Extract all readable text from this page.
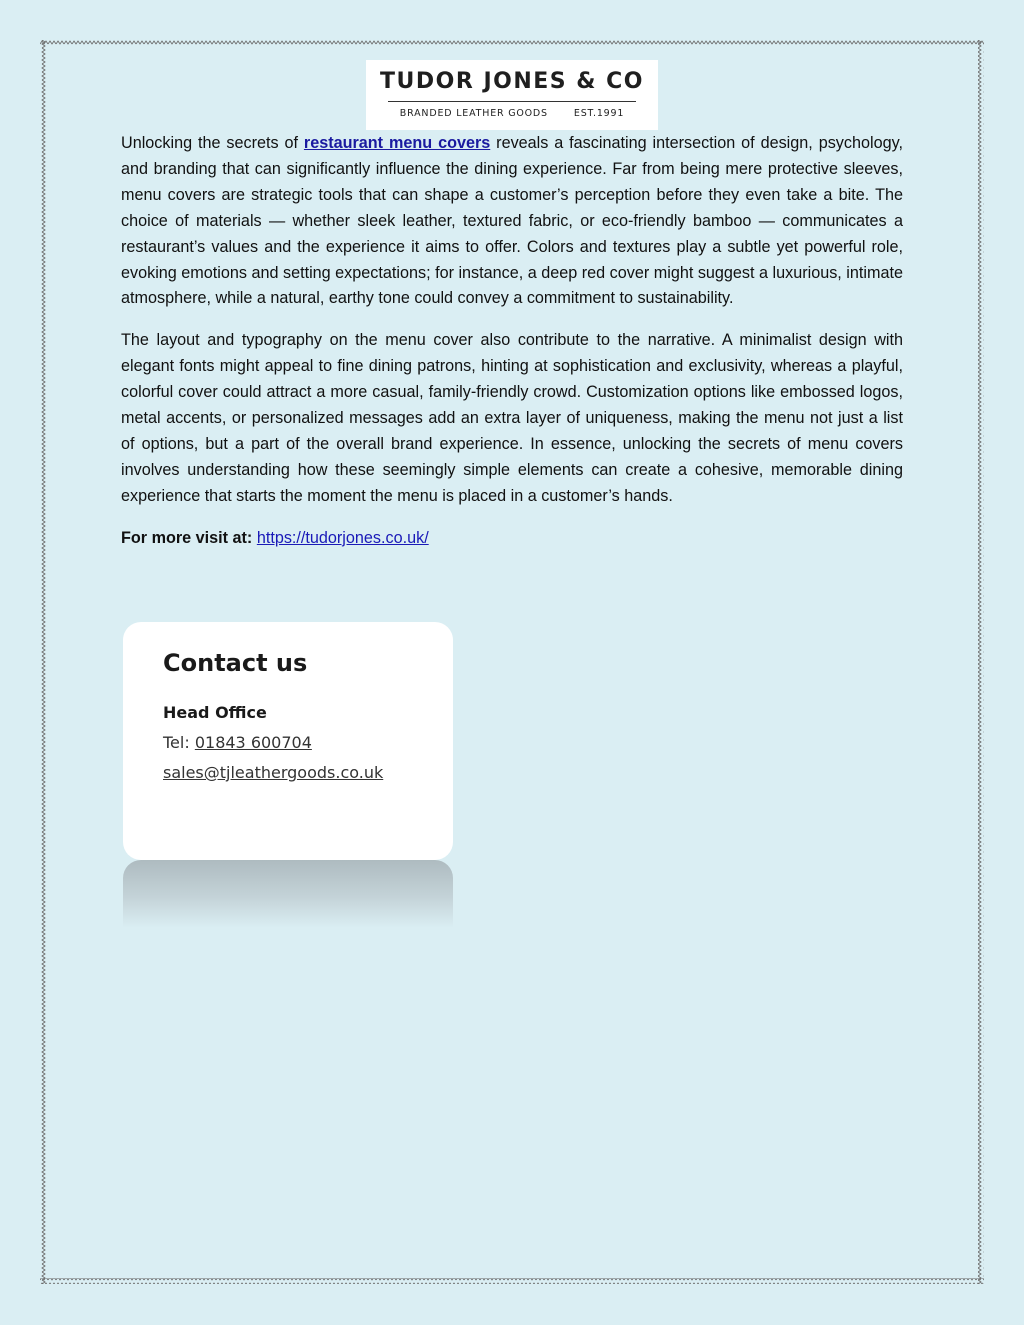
TUDOR JONES & CO
BRANDED LEATHER GOODS	EST.1991

Unlocking the secrets of restaurant menu covers reveals a fascinating intersection of design, psychology, and branding that can significantly influence the dining experience. Far from being mere protective sleeves, menu covers are strategic tools that can shape a customer’s perception before they even take a bite. The choice of materials — whether sleek leather, textured fabric, or eco-friendly bamboo — communicates a restaurant’s values and the experience it aims to offer. Colors and textures play a subtle yet powerful role, evoking emotions and setting expectations; for instance, a deep red cover might suggest a luxurious, intimate atmosphere, while a natural, earthy tone could convey a commitment to sustainability.

The layout and typography on the menu cover also contribute to the narrative. A minimalist design with elegant fonts might appeal to fine dining patrons, hinting at sophistication and exclusivity, whereas a playful, colorful cover could attract a more casual, family-friendly crowd. Customization options like embossed logos, metal accents, or personalized messages add an extra layer of uniqueness, making the menu not just a list of options, but a part of the overall brand experience. In essence, unlocking the secrets of menu covers involves understanding how these seemingly simple elements can create a cohesive, memorable dining experience that starts the moment the menu is placed in a customer’s hands.

For more visit at: https://tudorjones.co.uk/

Contact us
Head Office
Tel: 01843 600704
sales@tjleathergoods.co.uk
